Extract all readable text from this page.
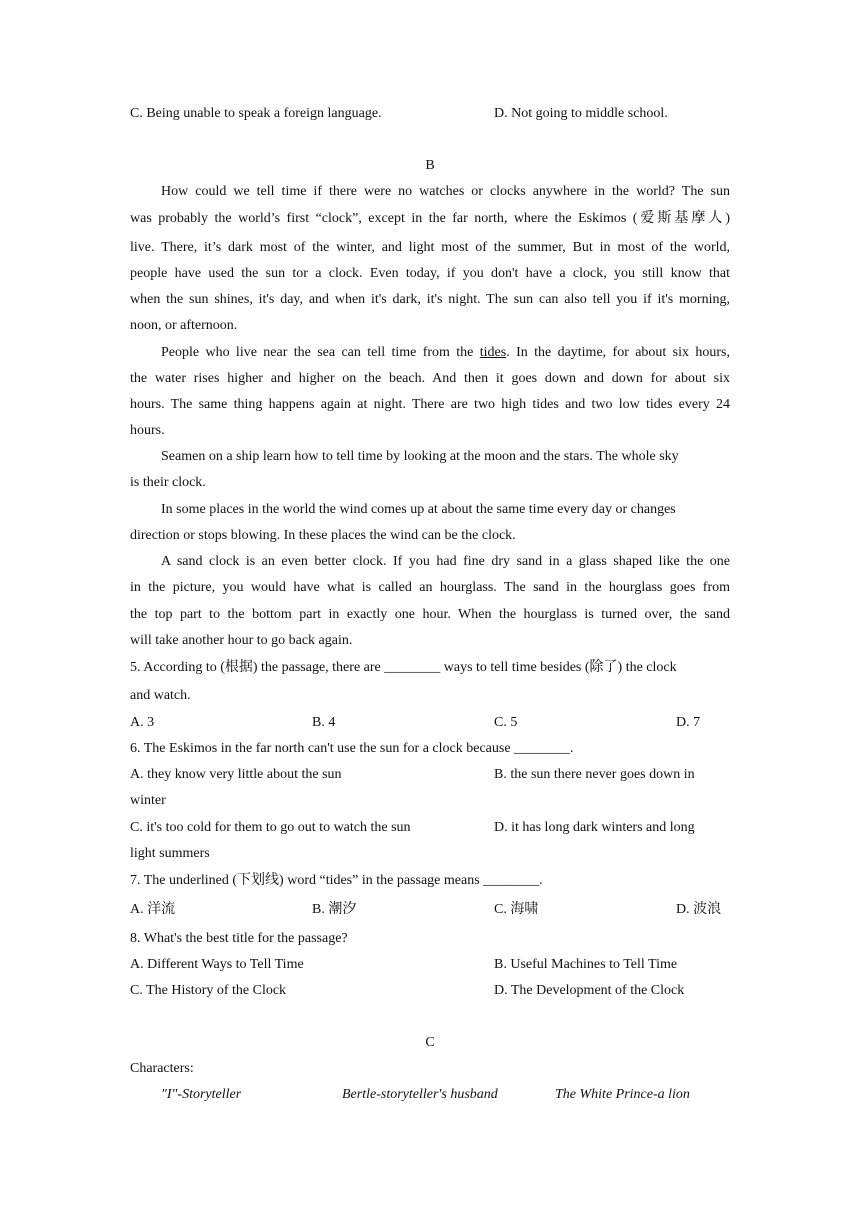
C. Being unable to speak a foreign language.	D. Not going to middle school.
B
How could we tell time if there were no watches or clocks anywhere in the world? The sun
was probably the world’s first “clock”, except in the far north, where the Eskimos (爱斯基摩人)
live. There, it’s dark most of the winter, and light most of the summer, But in most of the world,
people have used the sun tor a clock. Even today, if you don't have a clock, you still know that
when the sun shines, it's day, and when it's dark, it's night. The sun can also tell you if it's morning,
noon, or afternoon.
People who live near the sea can tell time from the tides. In the daytime, for about six hours,
the water rises higher and higher on the beach. And then it goes down and down for about six
hours. The same thing happens again at night. There are two high tides and two low tides every 24
hours.
Seamen on a ship learn how to tell time by looking at the moon and the stars. The whole sky
is their clock.
In some places in the world the wind comes up at about the same time every day or changes
direction or stops blowing. In these places the wind can be the clock.
A sand clock is an even better clock. If you had fine dry sand in a glass shaped like the one
in the picture, you would have what is called an hourglass. The sand in the hourglass goes from
the top part to the bottom part in exactly one hour. When the hourglass is turned over, the sand
will take another hour to go back again.
5. According to (根据) the passage, there are ________ ways to tell time besides (除了) the clock
and watch.
A. 3	B. 4	C. 5	D. 7
6. The Eskimos in the far north can't use the sun for a clock because ________.
A. they know very little about the sun	B. the sun there never goes down in
winter
C. it's too cold for them to go out to watch the sun	D. it has long dark winters and long
light summers
7. The underlined (下划线) word “tides” in the passage means ________.
A. 洋流	B. 潮汐	C. 海啸	D. 波浪
8. What's the best title for the passage?
A. Different Ways to Tell Time	B. Useful Machines to Tell Time
C. The History of the Clock	D. The Development of the Clock
C
Characters:
"I"-Storyteller	Bertle-storyteller's husband	The White Prince-a lion
